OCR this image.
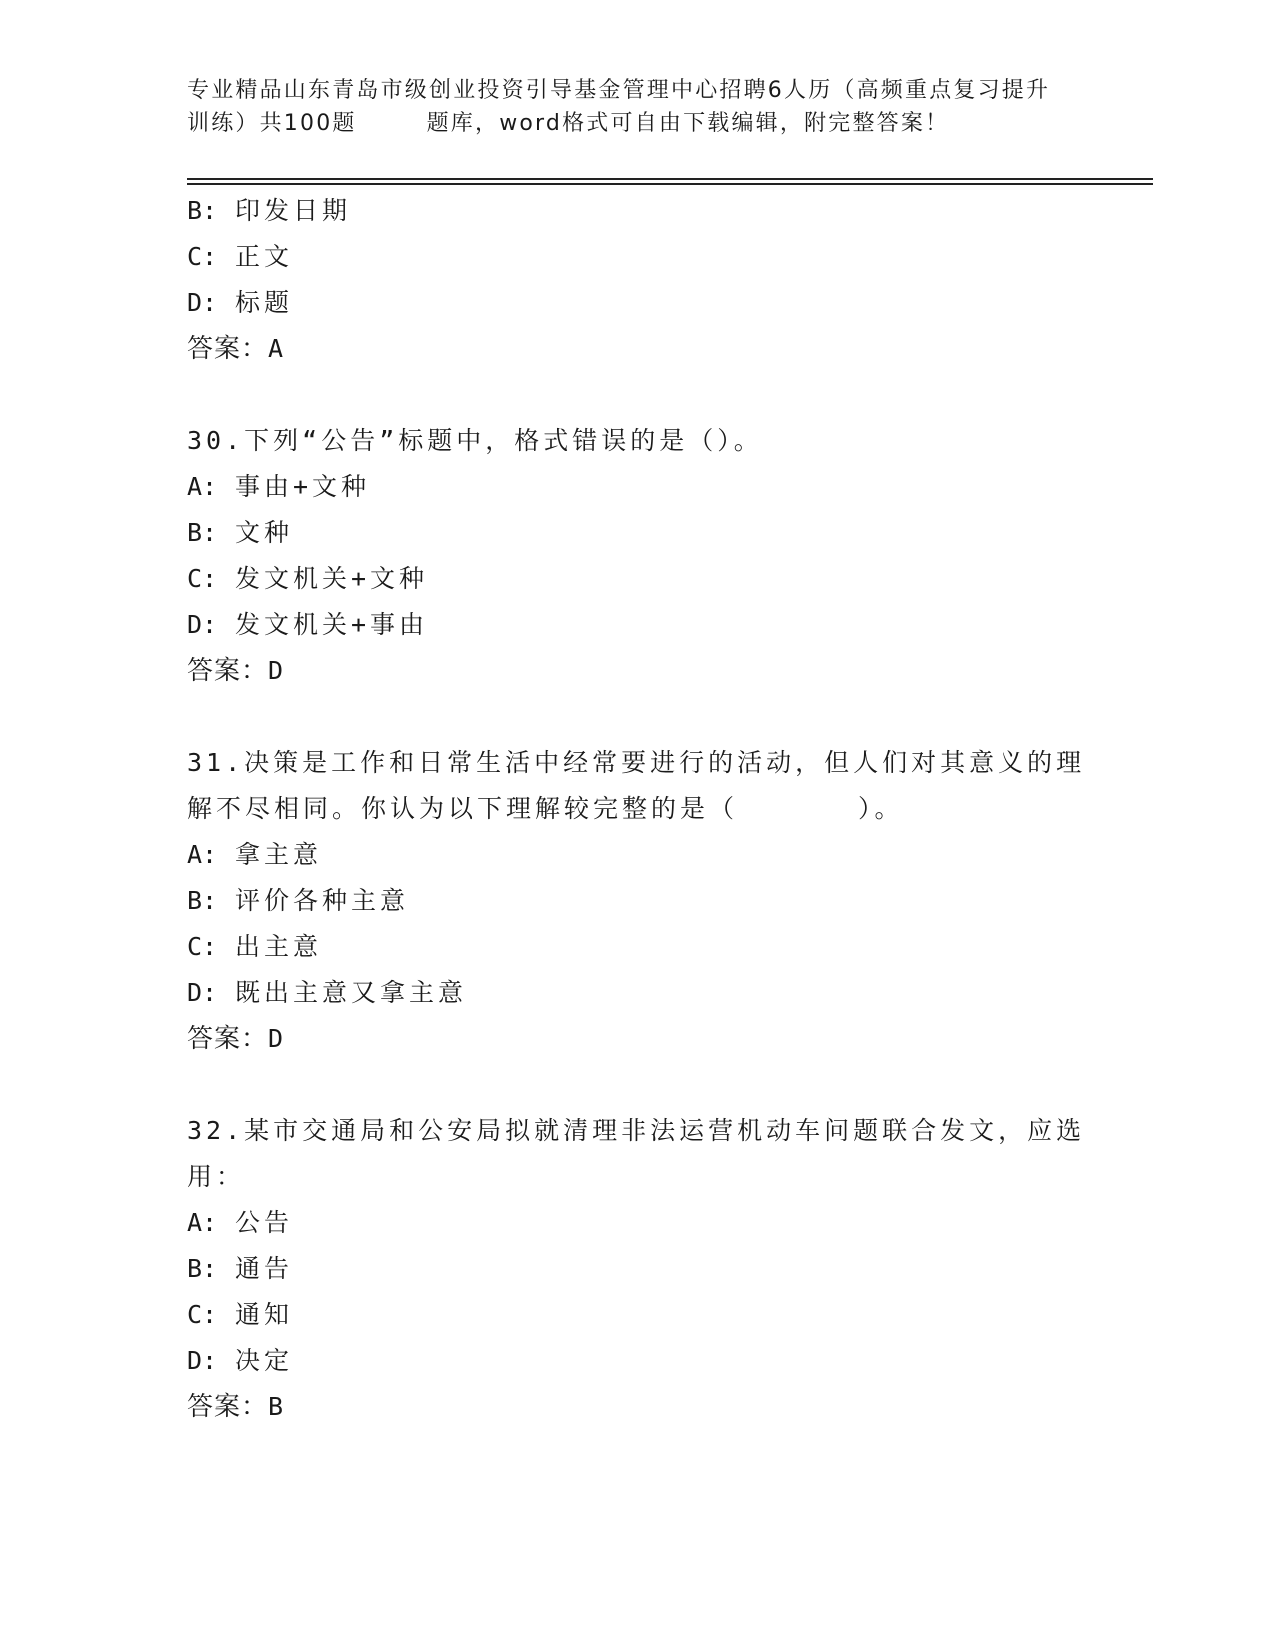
专业精品山东青岛市级创业投资引导基金管理中心招聘6人历（高频重点复习提升
训练）共100题	题库，word格式可自由下载编辑，附完整答案！
B: 印发日期
C: 正文
D: 标题
答案：A
30.下列“公告”标题中，格式错误的是（）。
A: 事由+文种
B: 文种
C: 发文机关+文种
D: 发文机关+事由
答案：D
31.决策是工作和日常生活中经常要进行的活动，但人们对其意义的理
解不尽相同。你认为以下理解较完整的是（	）。
A: 拿主意
B: 评价各种主意
C: 出主意
D: 既出主意又拿主意
答案：D
32.某市交通局和公安局拟就清理非法运营机动车问题联合发文，应选
用：
A: 公告
B: 通告
C: 通知
D: 决定
答案：B
